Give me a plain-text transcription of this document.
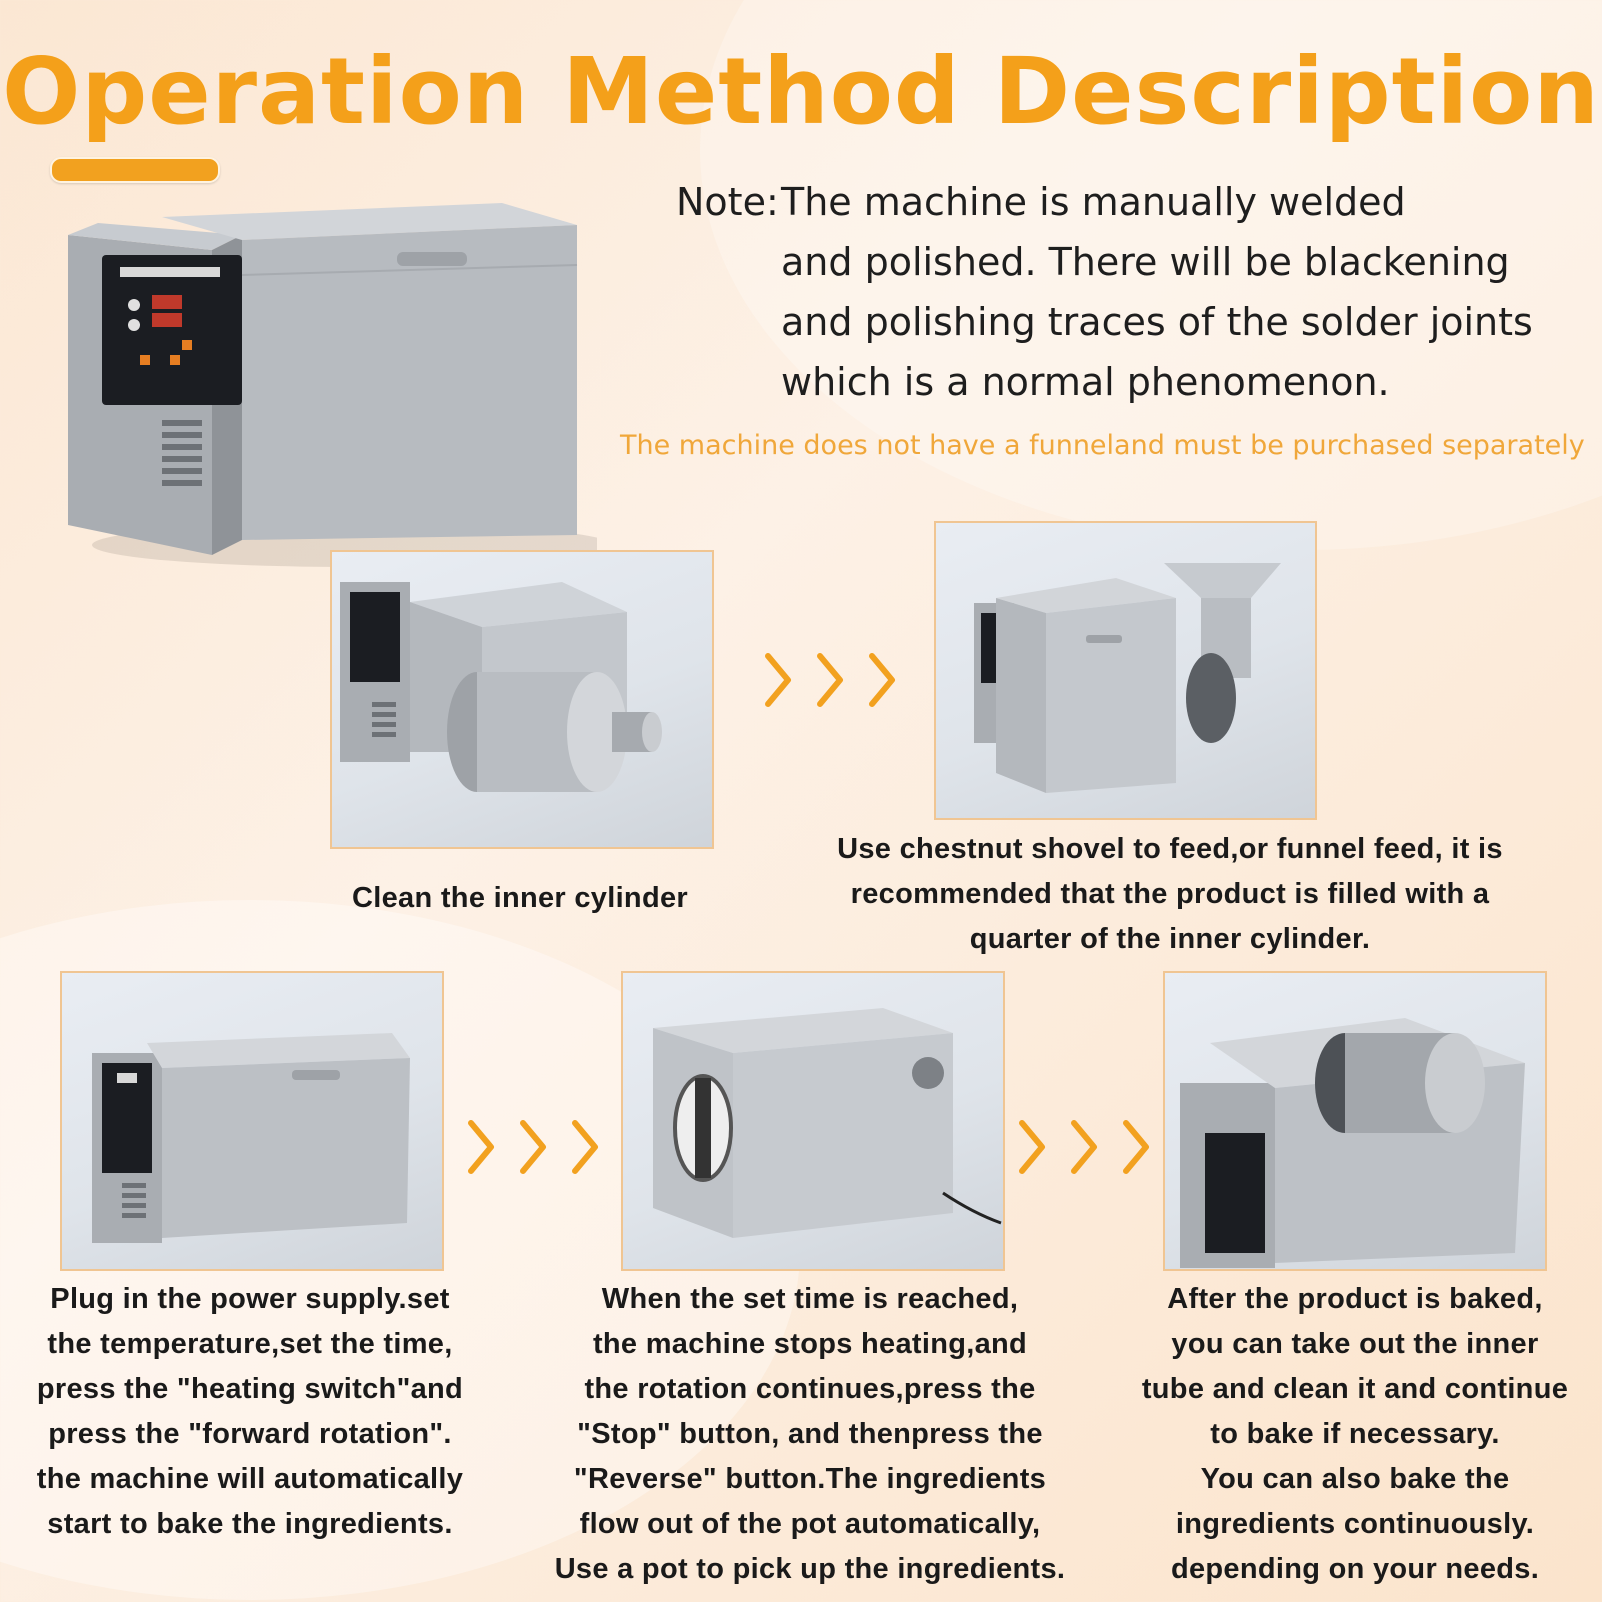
Operation Method Description
Note: The machine is manually welded
and polished. There will be blackening
and polishing traces of the solder joints
which is a normal phenomenon.
The machine does not have a funneland must be purchased separately
Clean the inner cylinder
Use chestnut shovel to feed,or funnel feed, it is
recommended that the product is filled with a
quarter of the inner cylinder.
Plug in the power supply.set
the temperature,set the time,
press the "heating switch"and
press the "forward rotation".
the machine will automatically
start to bake the ingredients.
When the set time is reached,
the machine stops heating,and
the rotation continues,press the
"Stop" button, and thenpress the
"Reverse" button.The ingredients
flow out of the pot automatically,
Use a pot to pick up the ingredients.
After the product is baked,
you can take out the inner
tube and clean it and continue
to bake if necessary.
You can also bake the
ingredients continuously.
depending on your needs.
